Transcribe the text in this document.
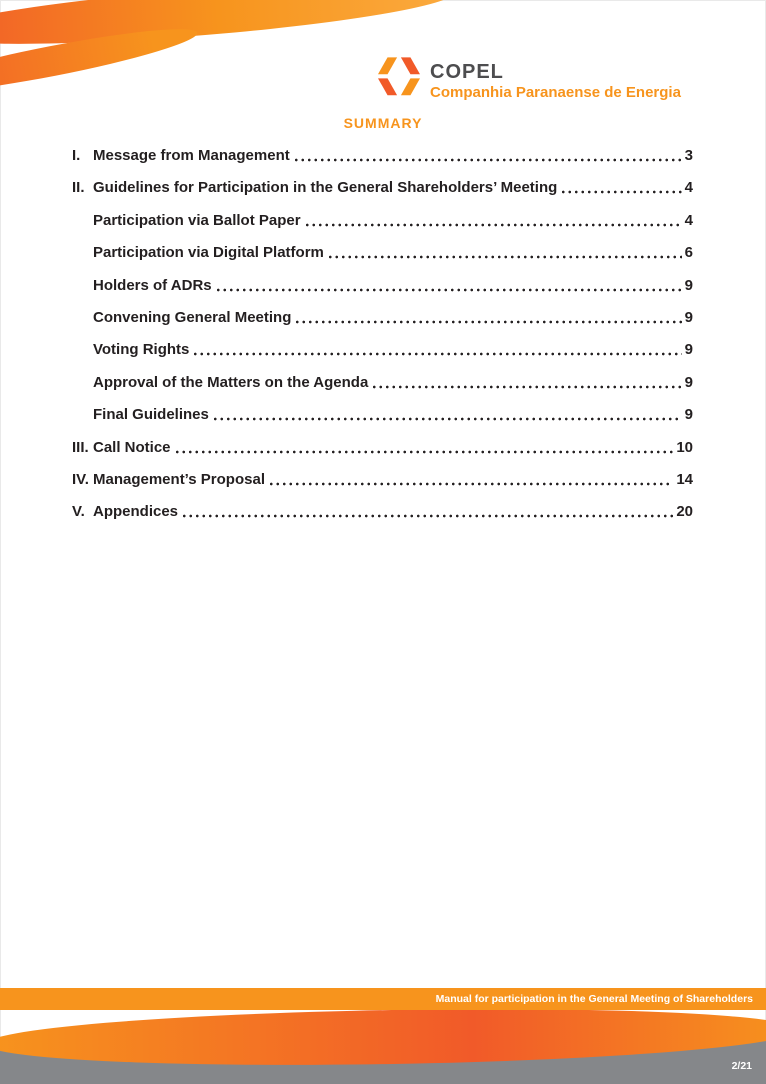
COPEL
Companhia Paranaense de Energia
SUMMARY
I. Message from Management	3
II. Guidelines for Participation in the General Shareholders’ Meeting	4
Participation via Ballot Paper	4
Participation via Digital Platform	6
Holders of ADRs	9
Convening General Meeting	9
Voting Rights	9
Approval of the Matters on the Agenda	9
Final Guidelines	9
III. Call Notice	10
IV. Management’s Proposal	14
V. Appendices	20
Manual for participation in the General Meeting of Shareholders
2/21
